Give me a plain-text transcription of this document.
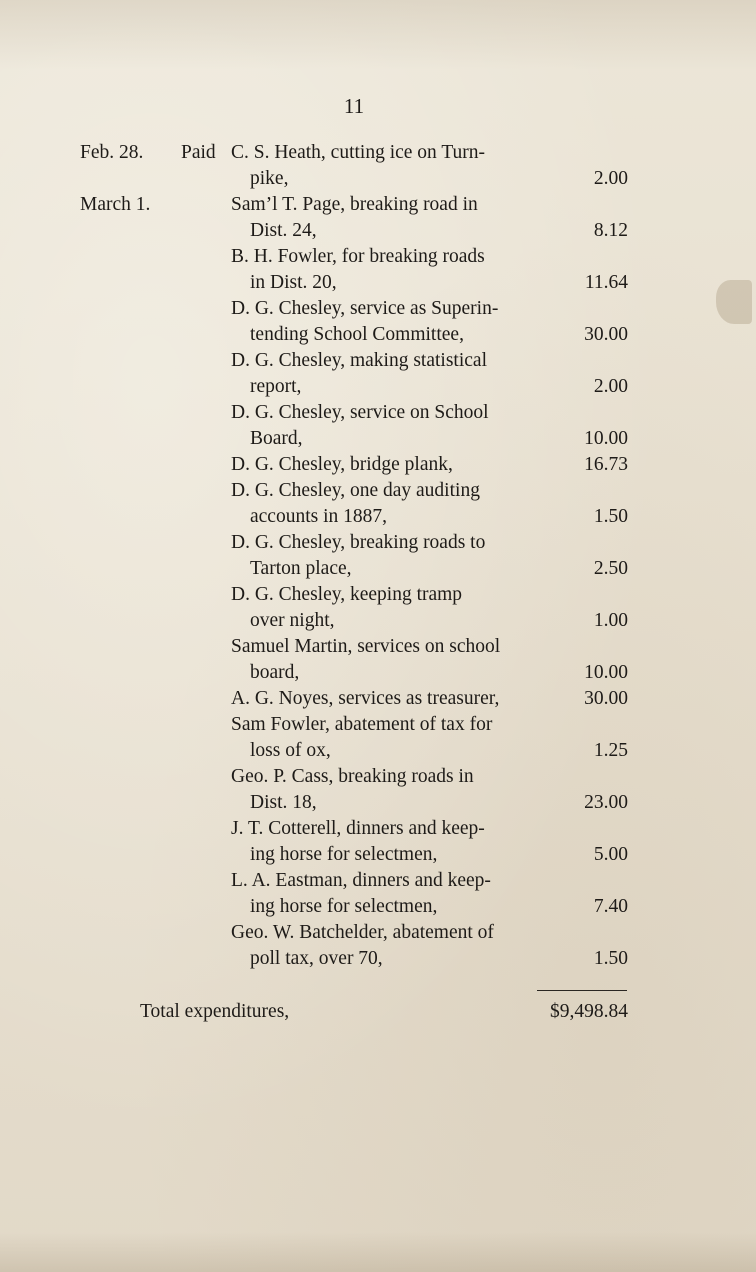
11
Feb. 28. Paid C. S. Heath, cutting ice on Turn-
pike,	2.00
March 1.	Sam’l T. Page, breaking road in
Dist. 24,	8.12
B. H. Fowler, for breaking roads
in Dist. 20,	11.64
D. G. Chesley, service as Superin-
tending School Committee,	30.00
D. G. Chesley, making statistical
report,	2.00
D. G. Chesley, service on School
Board,	10.00
D. G. Chesley, bridge plank,	16.73
D. G. Chesley, one day auditing
accounts in 1887,	1.50
D. G. Chesley, breaking roads to
Tarton place,	2.50
D. G. Chesley, keeping tramp
over night,	1.00
Samuel Martin, services on school
board,	10.00
A. G. Noyes, services as treasurer,	30.00
Sam Fowler, abatement of tax for
loss of ox,	1.25
Geo. P. Cass, breaking roads in
Dist. 18,	23.00
J. T. Cotterell, dinners and keep-
ing horse for selectmen,	5.00
L. A. Eastman, dinners and keep-
ing horse for selectmen,	7.40
Geo. W. Batchelder, abatement of
poll tax, over 70,	1.50
Total expenditures,	$9,498.84
